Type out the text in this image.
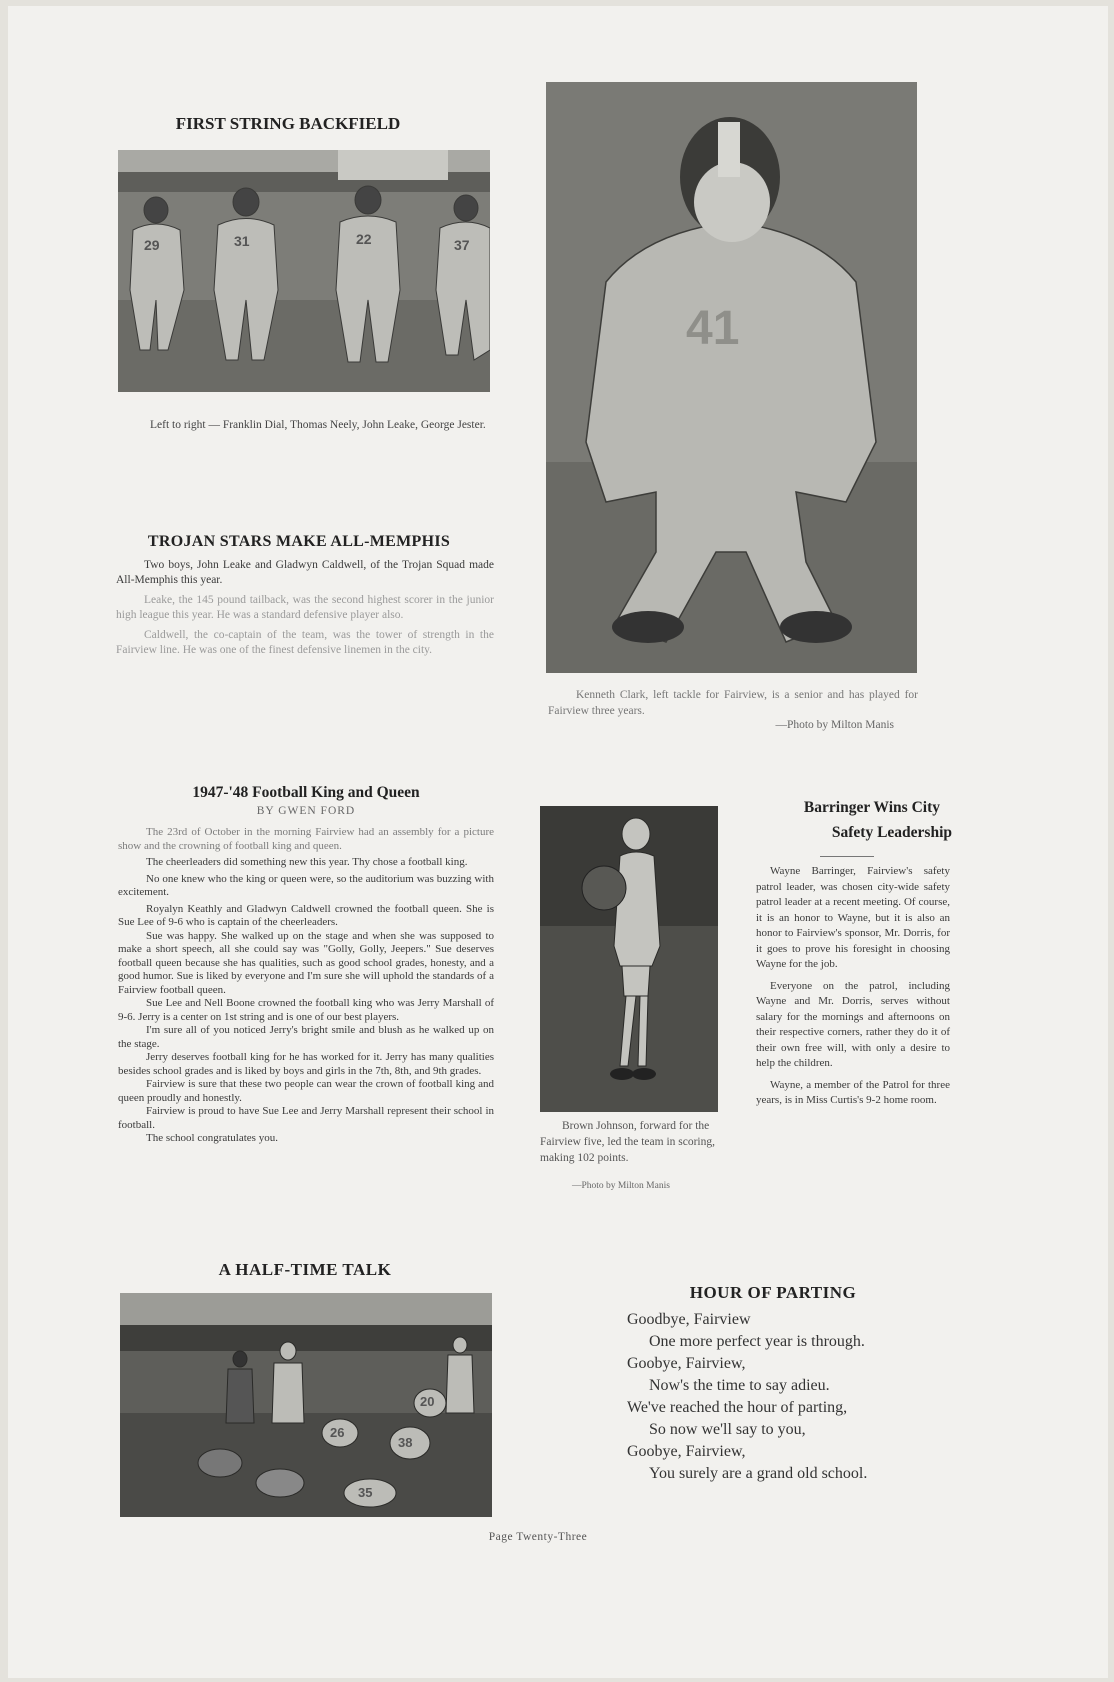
FIRST STRING BACKFIELD
29	31	22	37
Left to right — Franklin Dial, Thomas Neely, John Leake, George Jester.
TROJAN STARS MAKE ALL-MEMPHIS

Two boys, John Leake and Gladwyn Caldwell, of the Trojan Squad made All-Memphis this year.

Leake, the 145 pound tailback, was the second highest scorer in the junior high league this year. He was a standard defensive player also.

Caldwell, the co-captain of the team, was the tower of strength in the Fairview line. He was one of the finest defensive linemen in the city.

41
Kenneth Clark, left tackle for Fairview, is a senior and has played for Fairview three years.
—Photo by Milton Manis
1947-'48 Football King and Queen
BY GWEN FORD

The 23rd of October in the morning Fairview had an assembly for a picture show and the crowning of football king and queen.

The cheerleaders did something new this year. Thy chose a football king.

No one knew who the king or queen were, so the auditorium was buzzing with excitement.

Royalyn Keathly and Gladwyn Caldwell crowned the football queen. She is Sue Lee of 9-6 who is captain of the cheerleaders.

Sue was happy. She walked up on the stage and when she was supposed to make a short speech, all she could say was "Golly, Golly, Jeepers." Sue deserves football queen because she has qualities, such as good school grades, honesty, and a good humor. Sue is liked by everyone and I'm sure she will uphold the standards of a Fairview football queen.

Sue Lee and Nell Boone crowned the football king who was Jerry Marshall of 9-6. Jerry is a center on 1st string and is one of our best players.

I'm sure all of you noticed Jerry's bright smile and blush as he walked up on the stage.

Jerry deserves football king for he has worked for it. Jerry has many qualities besides school grades and is liked by boys and girls in the 7th, 8th, and 9th grades.

Fairview is sure that these two people can wear the crown of football king and queen proudly and honestly.

Fairview is proud to have Sue Lee and Jerry Marshall represent their school in football.

The school congratulates you.

Brown Johnson, forward for the Fairview five, led the team in scoring, making 102 points.
—Photo by Milton Manis
Barringer Wins City
Safety Leadership

Wayne Barringer, Fairview's safety patrol leader, was chosen city-wide safety patrol leader at a recent meeting. Of course, it is an honor to Wayne, but it is also an honor to Fairview's sponsor, Mr. Dorris, for it goes to prove his foresight in choosing Wayne for the job.

Everyone on the patrol, including Wayne and Mr. Dorris, serves without salary for the mornings and afternoons on their respective corners, rather they do it of their own free will, with only a desire to help the children.

Wayne, a member of the Patrol for three years, is in Miss Curtis's 9-2 home room.

A HALF-TIME TALK
20
26
38
35
HOUR OF PARTING
Goodbye, Fairview
One more perfect year is through.
Goobye, Fairview,
Now's the time to say adieu.
We've reached the hour of parting,
So now we'll say to you,
Goobye, Fairview,
You surely are a grand old school.
Page Twenty-Three
